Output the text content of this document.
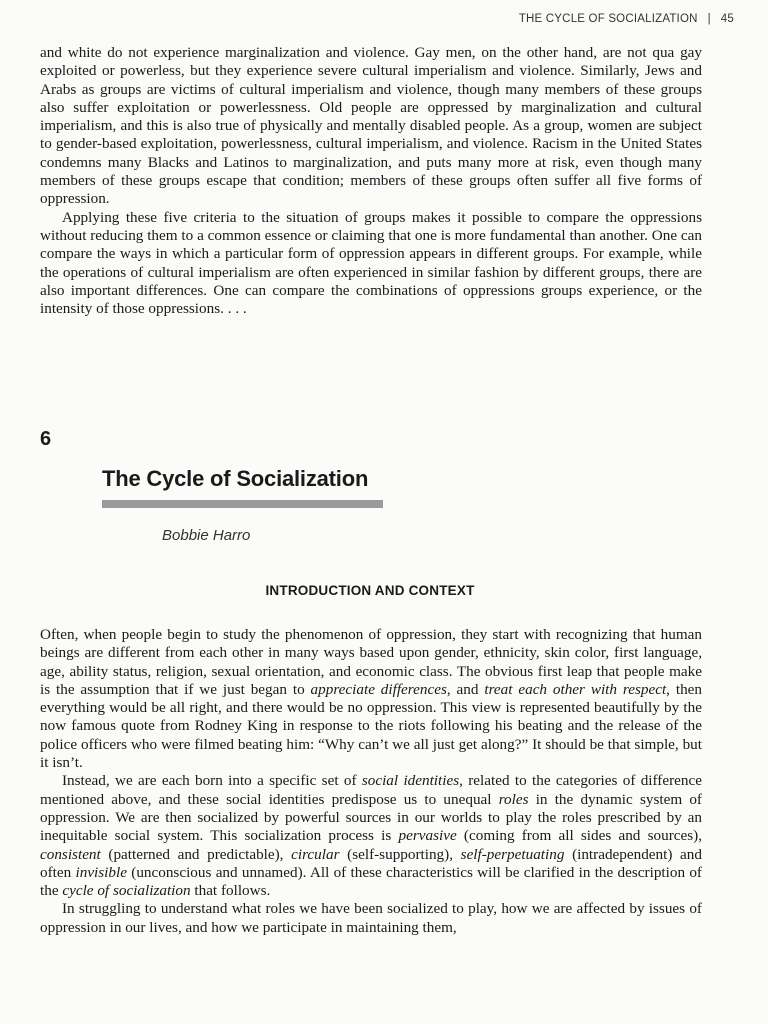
THE CYCLE OF SOCIALIZATION | 45

and white do not experience marginalization and violence. Gay men, on the other hand, are not qua gay exploited or powerless, but they experience severe cultural imperialism and violence. Similarly, Jews and Arabs as groups are victims of cultural imperialism and violence, though many members of these groups also suffer exploitation or powerlessness. Old people are oppressed by marginalization and cultural imperialism, and this is also true of physically and mentally disabled people. As a group, women are subject to gender-based exploitation, powerlessness, cultural imperialism, and violence. Racism in the United States condemns many Blacks and Latinos to marginalization, and puts many more at risk, even though many members of these groups escape that condition; members of these groups often suffer all five forms of oppression.

Applying these five criteria to the situation of groups makes it possible to compare the oppressions without reducing them to a common essence or claiming that one is more fundamental than another. One can compare the ways in which a particular form of oppression appears in different groups. For example, while the operations of cultural imperialism are often experienced in similar fashion by different groups, there are also important differences. One can compare the combinations of oppressions groups experience, or the intensity of those oppressions. . . .

6
The Cycle of Socialization
Bobbie Harro
INTRODUCTION AND CONTEXT

Often, when people begin to study the phenomenon of oppression, they start with recognizing that human beings are different from each other in many ways based upon gender, ethnicity, skin color, first language, age, ability status, religion, sexual orientation, and economic class. The obvious first leap that people make is the assumption that if we just began to appreciate differences, and treat each other with respect, then everything would be all right, and there would be no oppression. This view is represented beautifully by the now famous quote from Rodney King in response to the riots following his beating and the release of the police officers who were filmed beating him: “Why can’t we all just get along?” It should be that simple, but it isn’t.

Instead, we are each born into a specific set of social identities, related to the categories of difference mentioned above, and these social identities predispose us to unequal roles in the dynamic system of oppression. We are then socialized by powerful sources in our worlds to play the roles prescribed by an inequitable social system. This socialization process is pervasive (coming from all sides and sources), consistent (patterned and predictable), circular (self-supporting), self-perpetuating (intradependent) and often invisible (unconscious and unnamed). All of these characteristics will be clarified in the description of the cycle of socialization that follows.

In struggling to understand what roles we have been socialized to play, how we are affected by issues of oppression in our lives, and how we participate in maintaining them,
